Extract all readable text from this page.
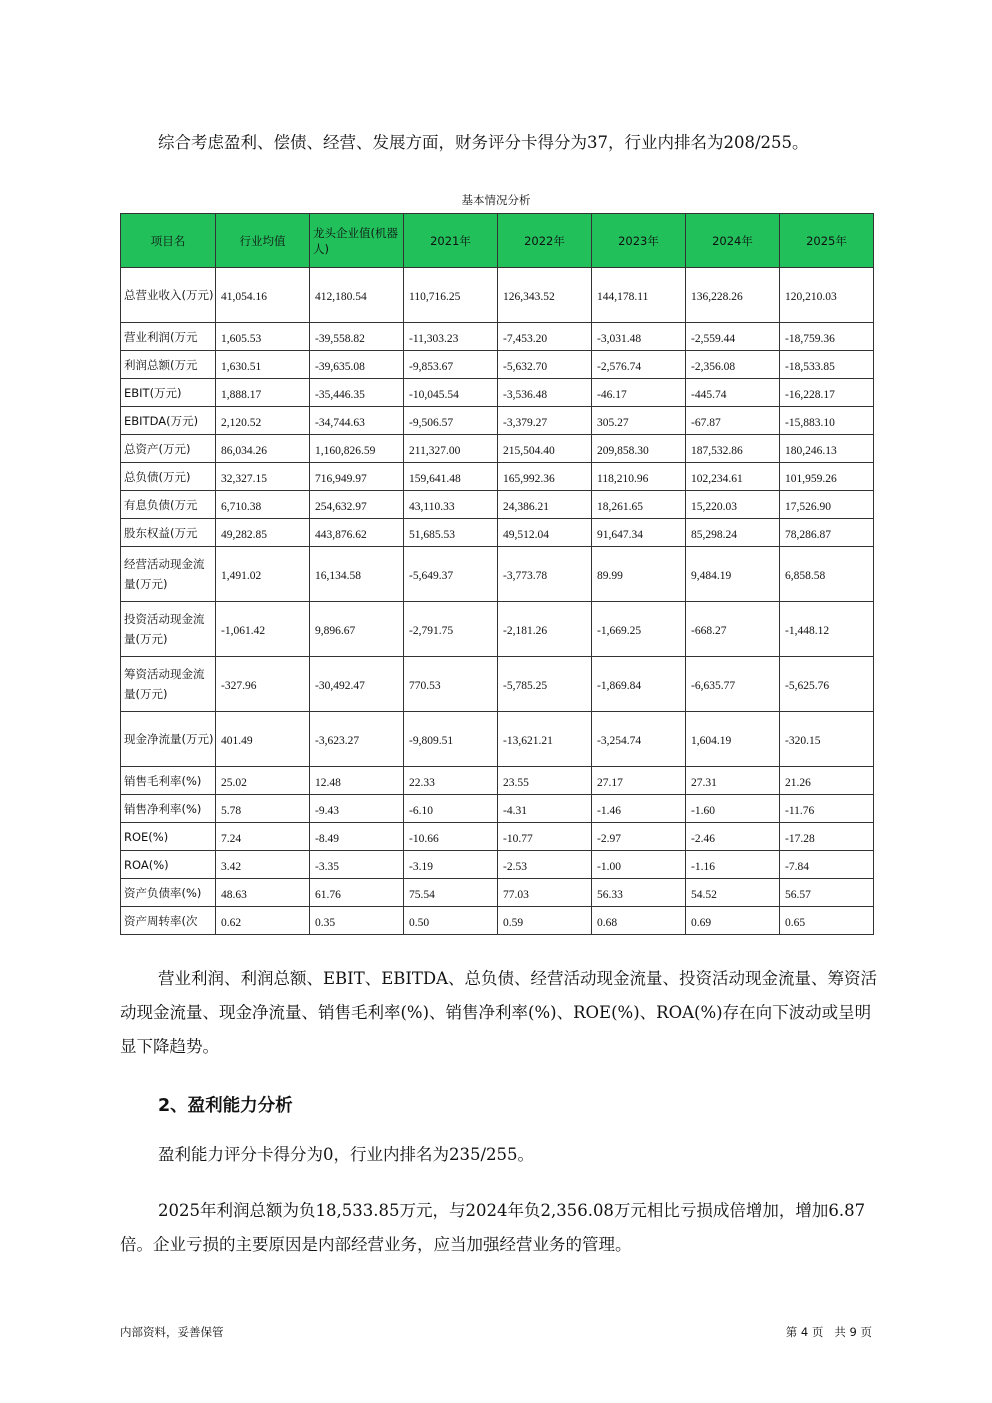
综合考虑盈利、偿债、经营、发展方面，财务评分卡得分为37，行业内排名为208/255。

基本情况分析
项目名	行业均值	龙头企业值(机器人)	2021年	2022年	2023年	2024年	2025年
总营业收入(万元)	41,054.16	412,180.54	110,716.25	126,343.52	144,178.11	136,228.26	120,210.03
营业利润(万元	1,605.53	-39,558.82	-11,303.23	-7,453.20	-3,031.48	-2,559.44	-18,759.36
利润总额(万元	1,630.51	-39,635.08	-9,853.67	-5,632.70	-2,576.74	-2,356.08	-18,533.85
EBIT(万元)	1,888.17	-35,446.35	-10,045.54	-3,536.48	-46.17	-445.74	-16,228.17
EBITDA(万元)	2,120.52	-34,744.63	-9,506.57	-3,379.27	305.27	-67.87	-15,883.10
总资产(万元)	86,034.26	1,160,826.59	211,327.00	215,504.40	209,858.30	187,532.86	180,246.13
总负债(万元)	32,327.15	716,949.97	159,641.48	165,992.36	118,210.96	102,234.61	101,959.26
有息负债(万元	6,710.38	254,632.97	43,110.33	24,386.21	18,261.65	15,220.03	17,526.90
股东权益(万元	49,282.85	443,876.62	51,685.53	49,512.04	91,647.34	85,298.24	78,286.87
经营活动现金流量(万元)	1,491.02	16,134.58	-5,649.37	-3,773.78	89.99	9,484.19	6,858.58
投资活动现金流量(万元)	-1,061.42	9,896.67	-2,791.75	-2,181.26	-1,669.25	-668.27	-1,448.12
筹资活动现金流量(万元)	-327.96	-30,492.47	770.53	-5,785.25	-1,869.84	-6,635.77	-5,625.76
现金净流量(万元)	401.49	-3,623.27	-9,809.51	-13,621.21	-3,254.74	1,604.19	-320.15
销售毛利率(%)	25.02	12.48	22.33	23.55	27.17	27.31	21.26
销售净利率(%)	5.78	-9.43	-6.10	-4.31	-1.46	-1.60	-11.76
ROE(%)	7.24	-8.49	-10.66	-10.77	-2.97	-2.46	-17.28
ROA(%)	3.42	-3.35	-3.19	-2.53	-1.00	-1.16	-7.84
资产负债率(%)	48.63	61.76	75.54	77.03	56.33	54.52	56.57
资产周转率(次	0.62	0.35	0.50	0.59	0.68	0.69	0.65

营业利润、利润总额、EBIT、EBITDA、总负债、经营活动现金流量、投资活动现金流量、筹资活动现金流量、现金净流量、销售毛利率(%)、销售净利率(%)、ROE(%)、ROA(%)存在向下波动或呈明显下降趋势。

2、盈利能力分析

盈利能力评分卡得分为0，行业内排名为235/255。

2025年利润总额为负18,533.85万元，与2024年负2,356.08万元相比亏损成倍增加，增加6.87倍。企业亏损的主要原因是内部经营业务，应当加强经营业务的管理。

内部资料，妥善保管	第 4 页   共 9 页
